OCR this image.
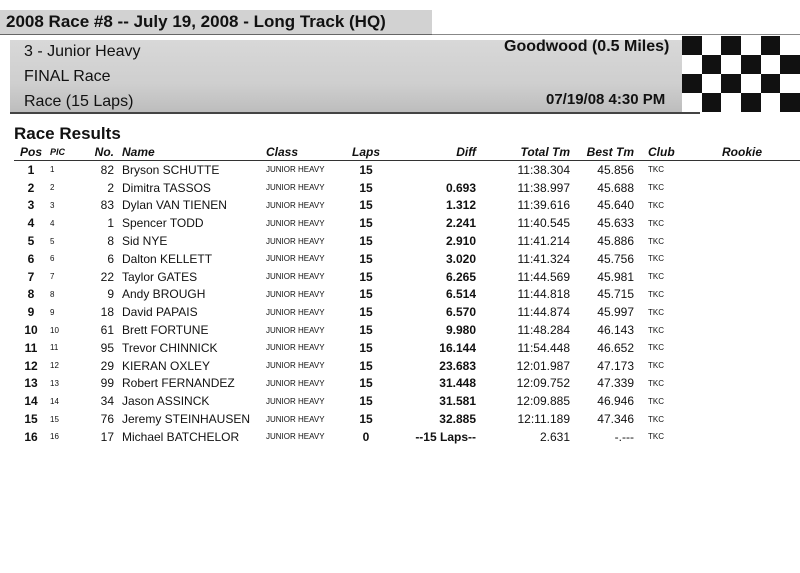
2008 Race #8 -- July 19, 2008 - Long Track (HQ)
3 - Junior Heavy
FINAL Race
Race (15 Laps)
Goodwood (0.5 Miles)
07/19/08 4:30 PM
Race Results
Pos	PIC	No.	Name	Class	Laps	Diff	Total Tm	Best Tm	Club	Rookie
1	1	82	Bryson SCHUTTE	JUNIOR HEAVY	15		11:38.304	45.856	TKC	
2	2	2	Dimitra TASSOS	JUNIOR HEAVY	15	0.693	11:38.997	45.688	TKC	
3	3	83	Dylan VAN TIENEN	JUNIOR HEAVY	15	1.312	11:39.616	45.640	TKC	
4	4	1	Spencer TODD	JUNIOR HEAVY	15	2.241	11:40.545	45.633	TKC	
5	5	8	Sid NYE	JUNIOR HEAVY	15	2.910	11:41.214	45.886	TKC	
6	6	6	Dalton KELLETT	JUNIOR HEAVY	15	3.020	11:41.324	45.756	TKC	
7	7	22	Taylor GATES	JUNIOR HEAVY	15	6.265	11:44.569	45.981	TKC	
8	8	9	Andy BROUGH	JUNIOR HEAVY	15	6.514	11:44.818	45.715	TKC	
9	9	18	David PAPAIS	JUNIOR HEAVY	15	6.570	11:44.874	45.997	TKC	
10	10	61	Brett FORTUNE	JUNIOR HEAVY	15	9.980	11:48.284	46.143	TKC	
11	11	95	Trevor CHINNICK	JUNIOR HEAVY	15	16.144	11:54.448	46.652	TKC	
12	12	29	KIERAN OXLEY	JUNIOR HEAVY	15	23.683	12:01.987	47.173	TKC	
13	13	99	Robert FERNANDEZ	JUNIOR HEAVY	15	31.448	12:09.752	47.339	TKC	
14	14	34	Jason ASSINCK	JUNIOR HEAVY	15	31.581	12:09.885	46.946	TKC	
15	15	76	Jeremy STEINHAUSEN	JUNIOR HEAVY	15	32.885	12:11.189	47.346	TKC	
16	16	17	Michael BATCHELOR	JUNIOR HEAVY	0	--15 Laps--	2.631	-.---	TKC	
